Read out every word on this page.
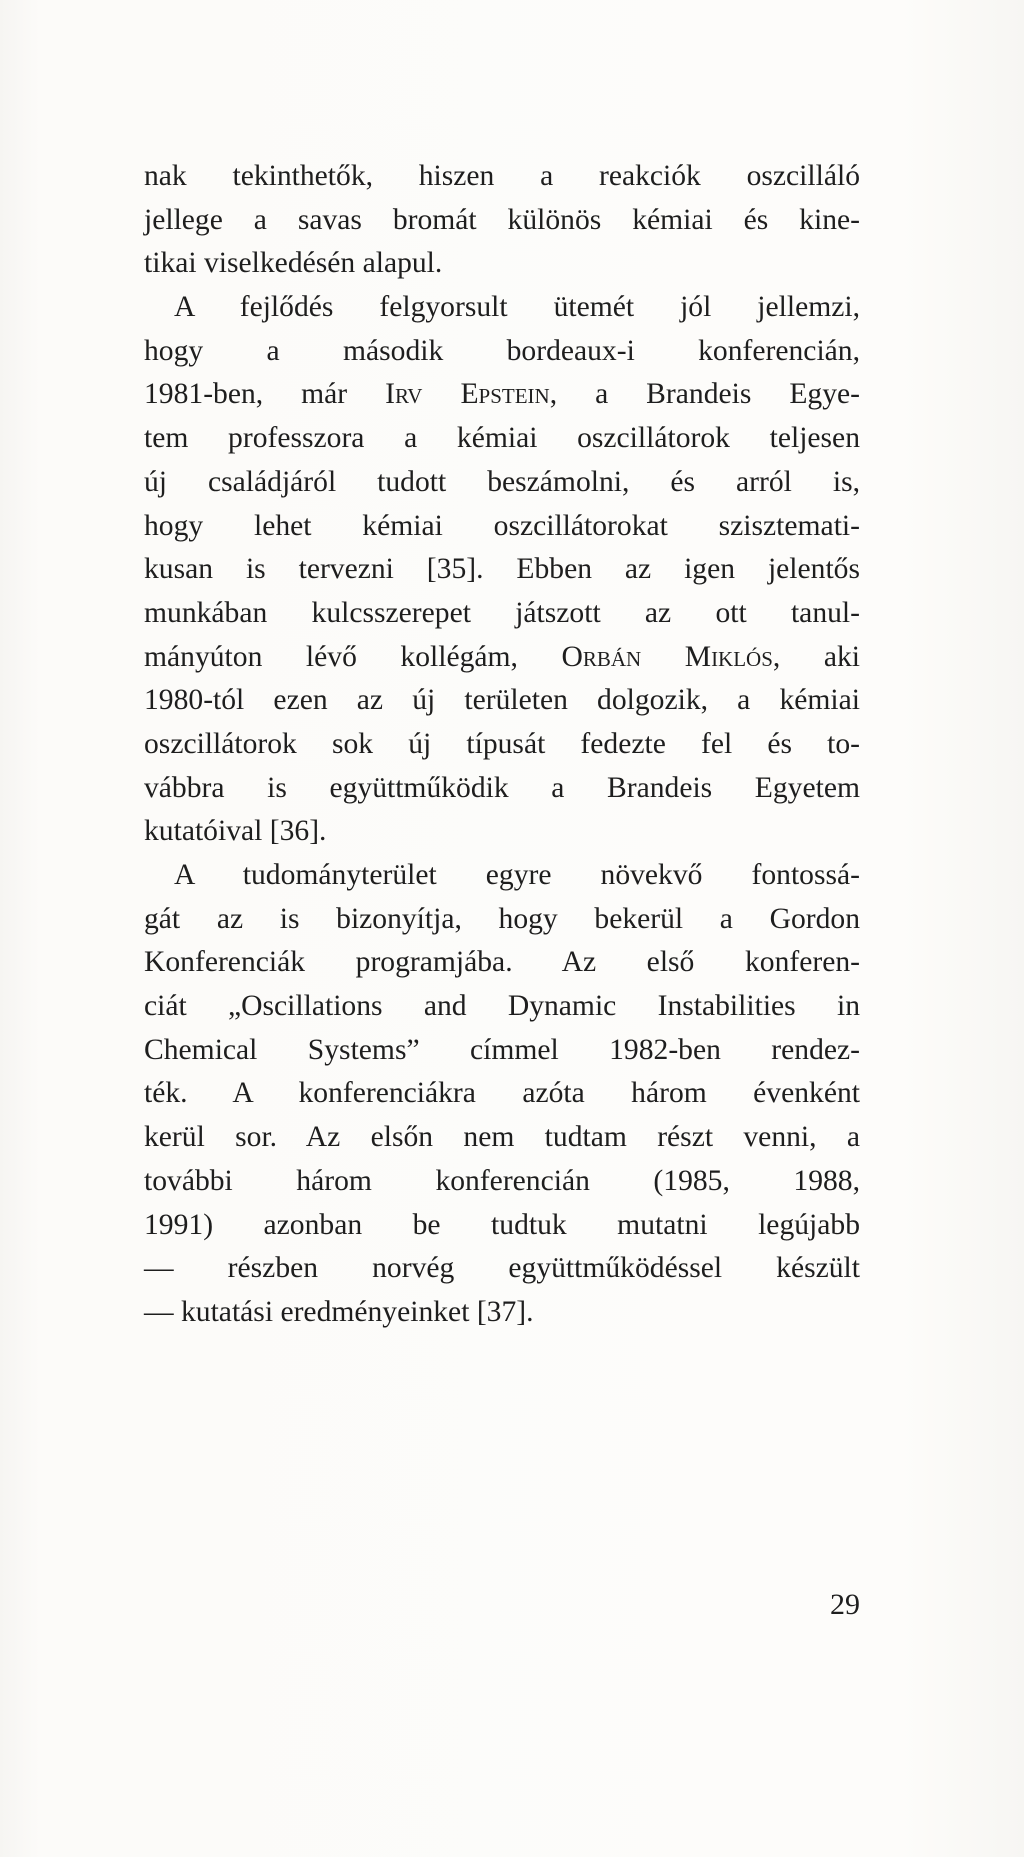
nak tekinthetők, hiszen a reakciók oszcilláló
jellege a savas bromát különös kémiai és kine-
tikai viselkedésén alapul.
A fejlődés felgyorsult ütemét jól jellemzi,
hogy a második bordeaux-i konferencián,
1981-ben, már Irv Epstein, a Brandeis Egye-
tem professzora a kémiai oszcillátorok teljesen
új családjáról tudott beszámolni, és arról is,
hogy lehet kémiai oszcillátorokat szisztemati-
kusan is tervezni [35]. Ebben az igen jelentős
munkában kulcsszerepet játszott az ott tanul-
mányúton lévő kollégám, Orbán Miklós, aki
1980-tól ezen az új területen dolgozik, a kémiai
oszcillátorok sok új típusát fedezte fel és to-
vábbra is együttműködik a Brandeis Egyetem
kutatóival [36].
A tudományterület egyre növekvő fontossá-
gát az is bizonyítja, hogy bekerül a Gordon
Konferenciák programjába. Az első konferen-
ciát „Oscillations and Dynamic Instabilities in
Chemical Systems” címmel 1982-ben rendez-
ték. A konferenciákra azóta három évenként
kerül sor. Az elsőn nem tudtam részt venni, a
további három konferencián (1985, 1988,
1991) azonban be tudtuk mutatni legújabb
— részben norvég együttműködéssel készült
— kutatási eredményeinket [37].
29
